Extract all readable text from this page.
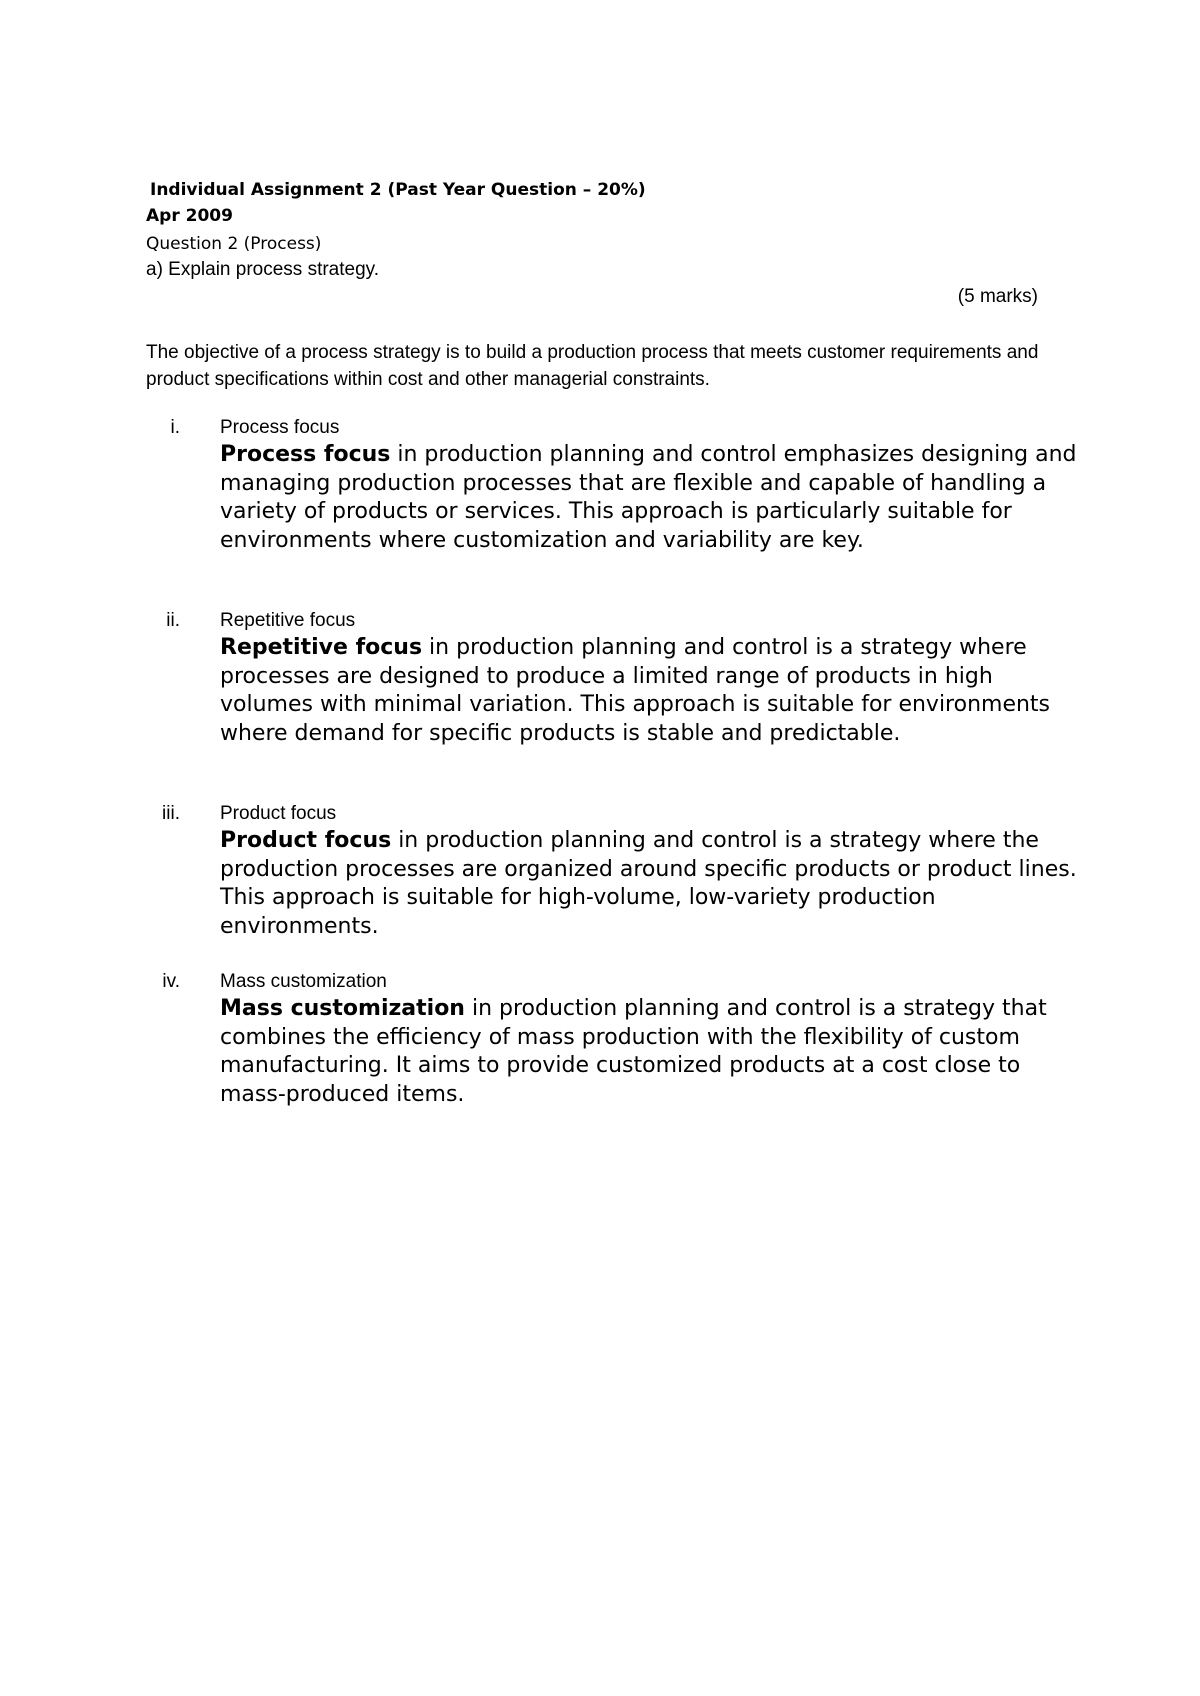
Individual Assignment 2 (Past Year Question – 20%)
Apr 2009
Question 2 (Process)
a) Explain process strategy.
(5 marks)
The objective of a process strategy is to build a production process that meets customer requirements and product specifications within cost and other managerial constraints.
i. Process focus
Process focus in production planning and control emphasizes designing and managing production processes that are flexible and capable of handling a variety of products or services. This approach is particularly suitable for environments where customization and variability are key.
ii. Repetitive focus
Repetitive focus in production planning and control is a strategy where processes are designed to produce a limited range of products in high volumes with minimal variation. This approach is suitable for environments where demand for specific products is stable and predictable.
iii. Product focus
Product focus in production planning and control is a strategy where the production processes are organized around specific products or product lines. This approach is suitable for high-volume, low-variety production environments.
iv. Mass customization
Mass customization in production planning and control is a strategy that combines the efficiency of mass production with the flexibility of custom manufacturing. It aims to provide customized products at a cost close to mass-produced items.
